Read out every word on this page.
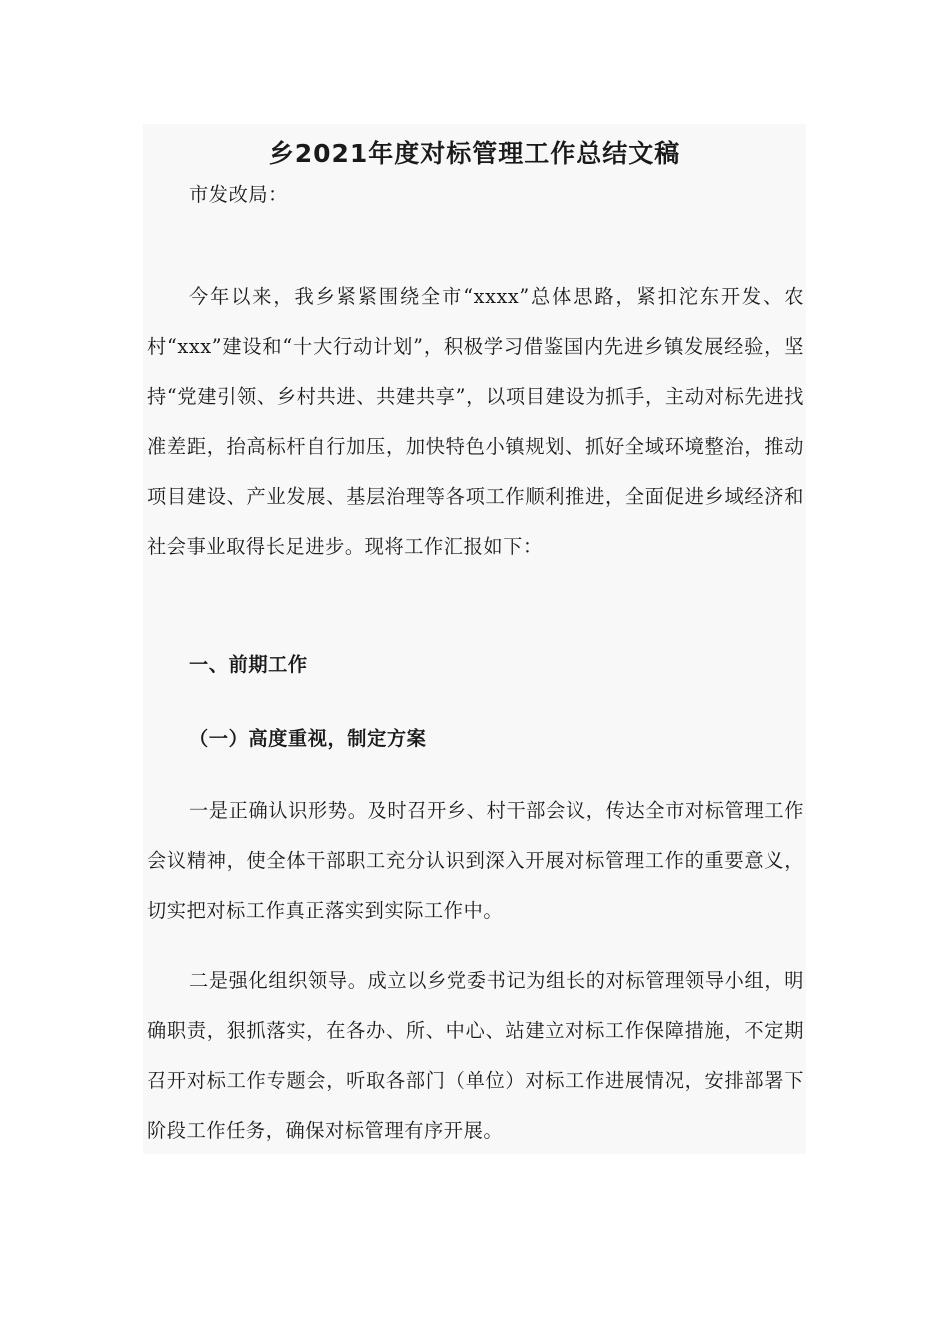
乡2021年度对标管理工作总结文稿

市发改局：

今年以来，我乡紧紧围绕全市“xxxx”总体思路，紧扣沱东开发、农村“xxx”建设和“十大行动计划”，积极学习借鉴国内先进乡镇发展经验，坚持“党建引领、乡村共进、共建共享”，以项目建设为抓手，主动对标先进找准差距，抬高标杆自行加压，加快特色小镇规划、抓好全域环境整治，推动项目建设、产业发展、基层治理等各项工作顺利推进，全面促进乡域经济和社会事业取得长足进步。现将工作汇报如下：

一、前期工作

（一）高度重视，制定方案

一是正确认识形势。及时召开乡、村干部会议，传达全市对标管理工作会议精神，使全体干部职工充分认识到深入开展对标管理工作的重要意义，切实把对标工作真正落实到实际工作中。

二是强化组织领导。成立以乡党委书记为组长的对标管理领导小组，明确职责，狠抓落实，在各办、所、中心、站建立对标工作保障措施，不定期召开对标工作专题会，听取各部门（单位）对标工作进展情况，安排部署下阶段工作任务，确保对标管理有序开展。
